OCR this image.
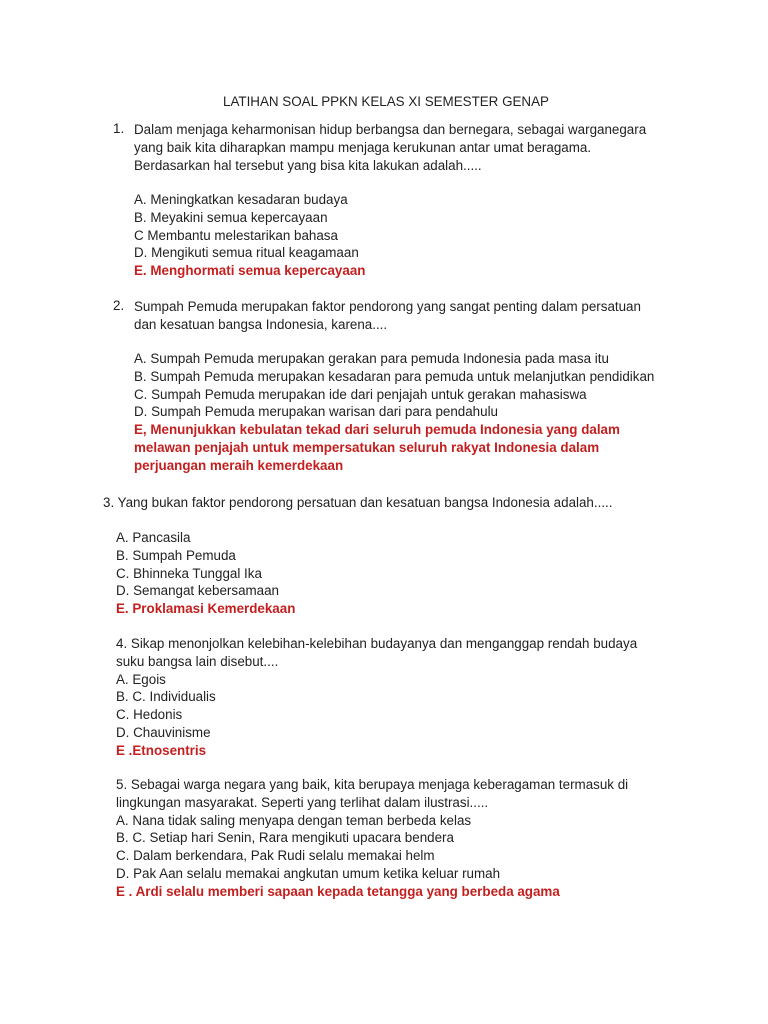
LATIHAN SOAL PPKN KELAS XI SEMESTER GENAP
1. Dalam menjaga keharmonisan hidup berbangsa dan bernegara, sebagai warganegara
yang baik kita diharapkan mampu menjaga kerukunan antar umat beragama.
Berdasarkan hal tersebut yang bisa kita lakukan adalah.....
A. Meningkatkan kesadaran budaya
B. Meyakini semua kepercayaan
C Membantu melestarikan bahasa
D. Mengikuti semua ritual keagamaan
E. Menghormati semua kepercayaan
2. Sumpah Pemuda merupakan faktor pendorong yang sangat penting dalam persatuan
dan kesatuan bangsa Indonesia, karena....
A. Sumpah Pemuda merupakan gerakan para pemuda Indonesia pada masa itu
B. Sumpah Pemuda merupakan kesadaran para pemuda untuk melanjutkan pendidikan
C. Sumpah Pemuda merupakan ide dari penjajah untuk gerakan mahasiswa
D. Sumpah Pemuda merupakan warisan dari para pendahulu
E, Menunjukkan kebulatan tekad dari seluruh pemuda Indonesia yang dalam
melawan penjajah untuk mempersatukan seluruh rakyat Indonesia dalam
perjuangan meraih kemerdekaan
3. Yang bukan faktor pendorong persatuan dan kesatuan bangsa Indonesia adalah.....
A. Pancasila
B. Sumpah Pemuda
C. Bhinneka Tunggal Ika
D. Semangat kebersamaan
E. Proklamasi Kemerdekaan
4. Sikap menonjolkan kelebihan-kelebihan budayanya dan menganggap rendah budaya
suku bangsa lain disebut....
A. Egois
B. C. Individualis
C. Hedonis
D. Chauvinisme
E .Etnosentris
5. Sebagai warga negara yang baik, kita berupaya menjaga keberagaman termasuk di
lingkungan masyarakat. Seperti yang terlihat dalam ilustrasi.....
A. Nana tidak saling menyapa dengan teman berbeda kelas
B. C. Setiap hari Senin, Rara mengikuti upacara bendera
C. Dalam berkendara, Pak Rudi selalu memakai helm
D. Pak Aan selalu memakai angkutan umum ketika keluar rumah
E . Ardi selalu memberi sapaan kepada tetangga yang berbeda agama
